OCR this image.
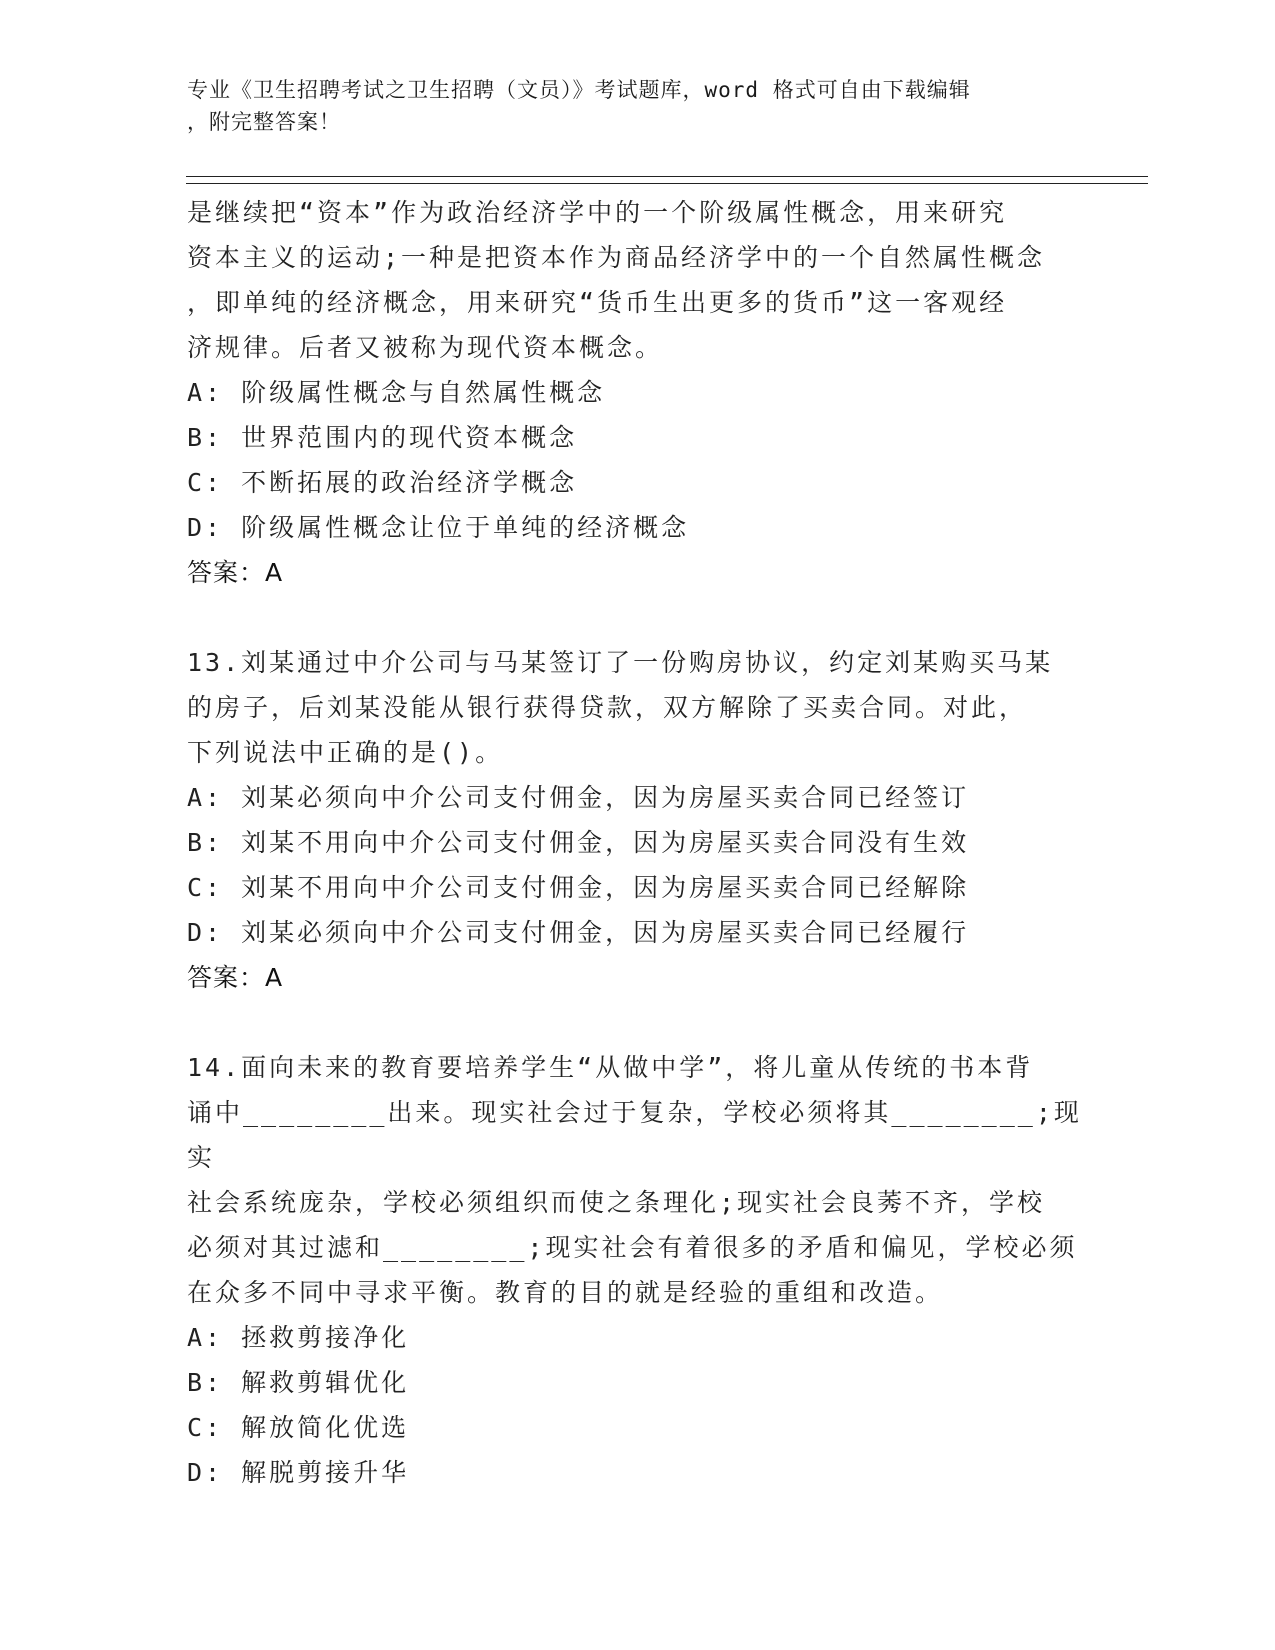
专业《卫生招聘考试之卫生招聘（文员）》考试题库，word 格式可自由下载编辑
，附完整答案！

是继续把“资本”作为政治经济学中的一个阶级属性概念，用来研究

资本主义的运动;一种是把资本作为商品经济学中的一个自然属性概念

，即单纯的经济概念，用来研究“货币生出更多的货币”这一客观经

济规律。后者又被称为现代资本概念。

A: 阶级属性概念与自然属性概念

B: 世界范围内的现代资本概念

C: 不断拓展的政治经济学概念

D: 阶级属性概念让位于单纯的经济概念

答案：A

13.刘某通过中介公司与马某签订了一份购房协议，约定刘某购买马某

的房子，后刘某没能从银行获得贷款，双方解除了买卖合同。对此，

下列说法中正确的是()。

A: 刘某必须向中介公司支付佣金，因为房屋买卖合同已经签订

B: 刘某不用向中介公司支付佣金，因为房屋买卖合同没有生效

C: 刘某不用向中介公司支付佣金，因为房屋买卖合同已经解除

D: 刘某必须向中介公司支付佣金，因为房屋买卖合同已经履行

答案：A

14.面向未来的教育要培养学生“从做中学”，将儿童从传统的书本背

诵中________出来。现实社会过于复杂，学校必须将其________;现实

社会系统庞杂，学校必须组织而使之条理化;现实社会良莠不齐，学校

必须对其过滤和________;现实社会有着很多的矛盾和偏见，学校必须

在众多不同中寻求平衡。教育的目的就是经验的重组和改造。

A: 拯救剪接净化

B: 解救剪辑优化

C: 解放简化优选

D: 解脱剪接升华
